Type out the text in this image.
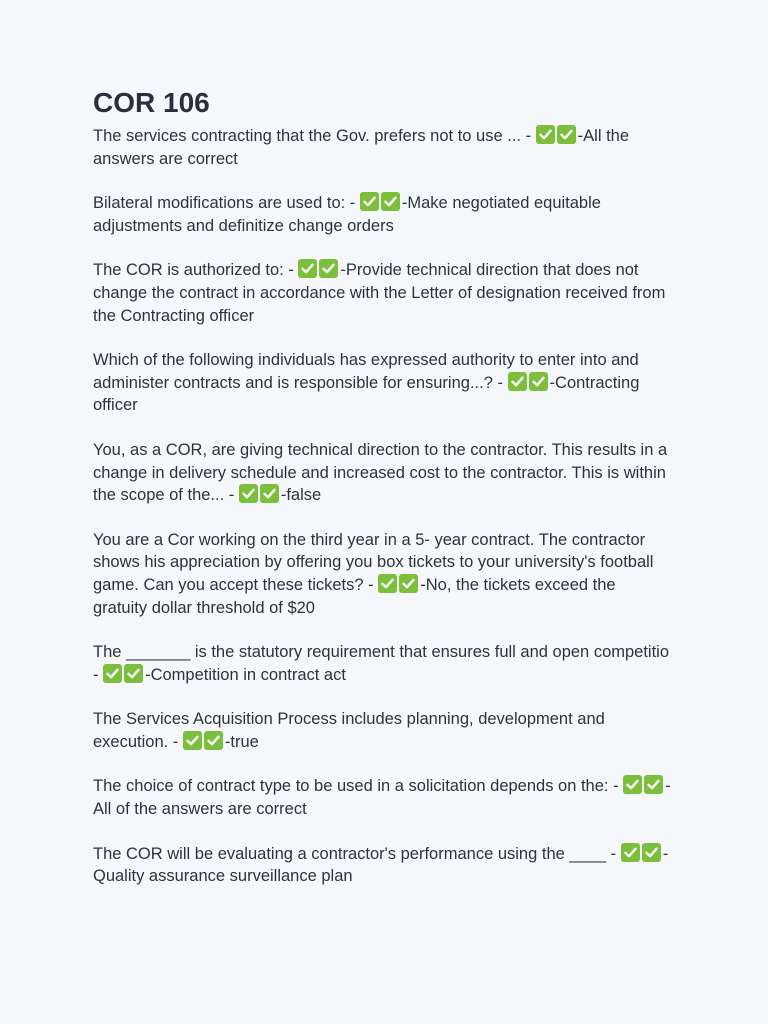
COR 106

The services contracting that the Gov. prefers not to use ... -	-All the answers are correct

Bilateral modifications are used to: -	-Make negotiated equitable adjustments and definitize change orders

The COR is authorized to: -	-Provide technical direction that does not change the contract in accordance with the Letter of designation received from the Contracting officer

Which of the following individuals has expressed authority to enter into and administer contracts and is responsible for ensuring...? -	-Contracting officer

You, as a COR, are giving technical direction to the contractor. This results in a change in delivery schedule and increased cost to the contractor. This is within the scope of the... -	-false

You are a Cor working on the third year in a 5- year contract. The contractor shows his appreciation by offering you box tickets to your university's football game. Can you accept these tickets? -	-No, the tickets exceed the gratuity dollar threshold of $20

The _______ is the statutory requirement that ensures full and open competitio -	-Competition in contract act

The Services Acquisition Process includes planning, development and execution. -	-true

The choice of contract type to be used in a solicitation depends on the: -	-All of the answers are correct

The COR will be evaluating a contractor's performance using the ____ -	-Quality assurance surveillance plan
